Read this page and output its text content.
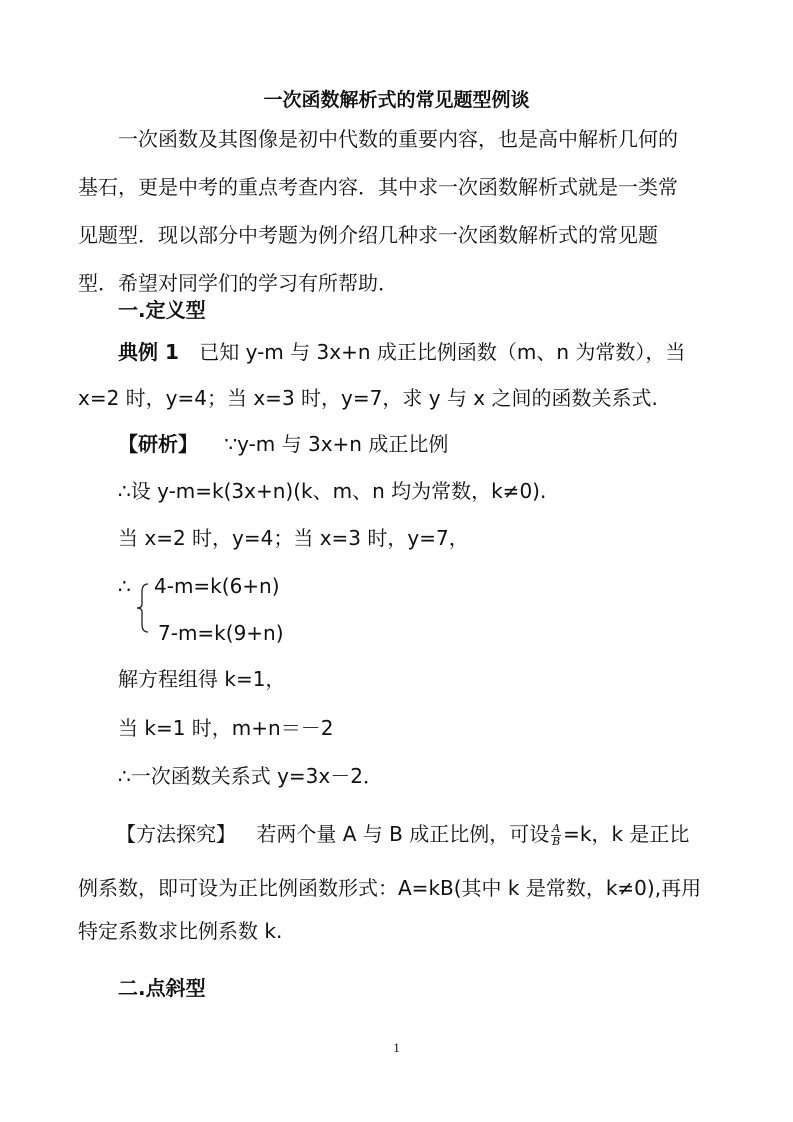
一次函数解析式的常见题型例谈
一次函数及其图像是初中代数的重要内容，也是高中解析几何的
基石，更是中考的重点考查内容．其中求一次函数解析式就是一类常
见题型．现以部分中考题为例介绍几种求一次函数解析式的常见题
型．希望对同学们的学习有所帮助．
一.定义型
典例 1 已知 y-m 与 3x+n 成正比例函数（m、n 为常数），当
x=2 时，y=4；当 x=3 时，y=7，求 y 与 x 之间的函数关系式.
【研析】 ∵y-m 与 3x+n 成正比例
∴设 y-m=k(3x+n)(k、m、n 均为常数，k≠0).
当 x=2 时，y=4；当 x=3 时，y=7，
∴ 4-m=k(6+n)
7-m=k(9+n)
解方程组得 k=1，
当 k=1 时，m+n＝－2
∴一次函数关系式 y=3x－2．
【方法探究】 若两个量 A 与 B 成正比例，可设 $\frac{A}{B} =k$，k 是正比
例系数，即可设为正比例函数形式：A=kB(其中 k 是常数，k≠0),再用
特定系数求比例系数 k.
二.点斜型
1
